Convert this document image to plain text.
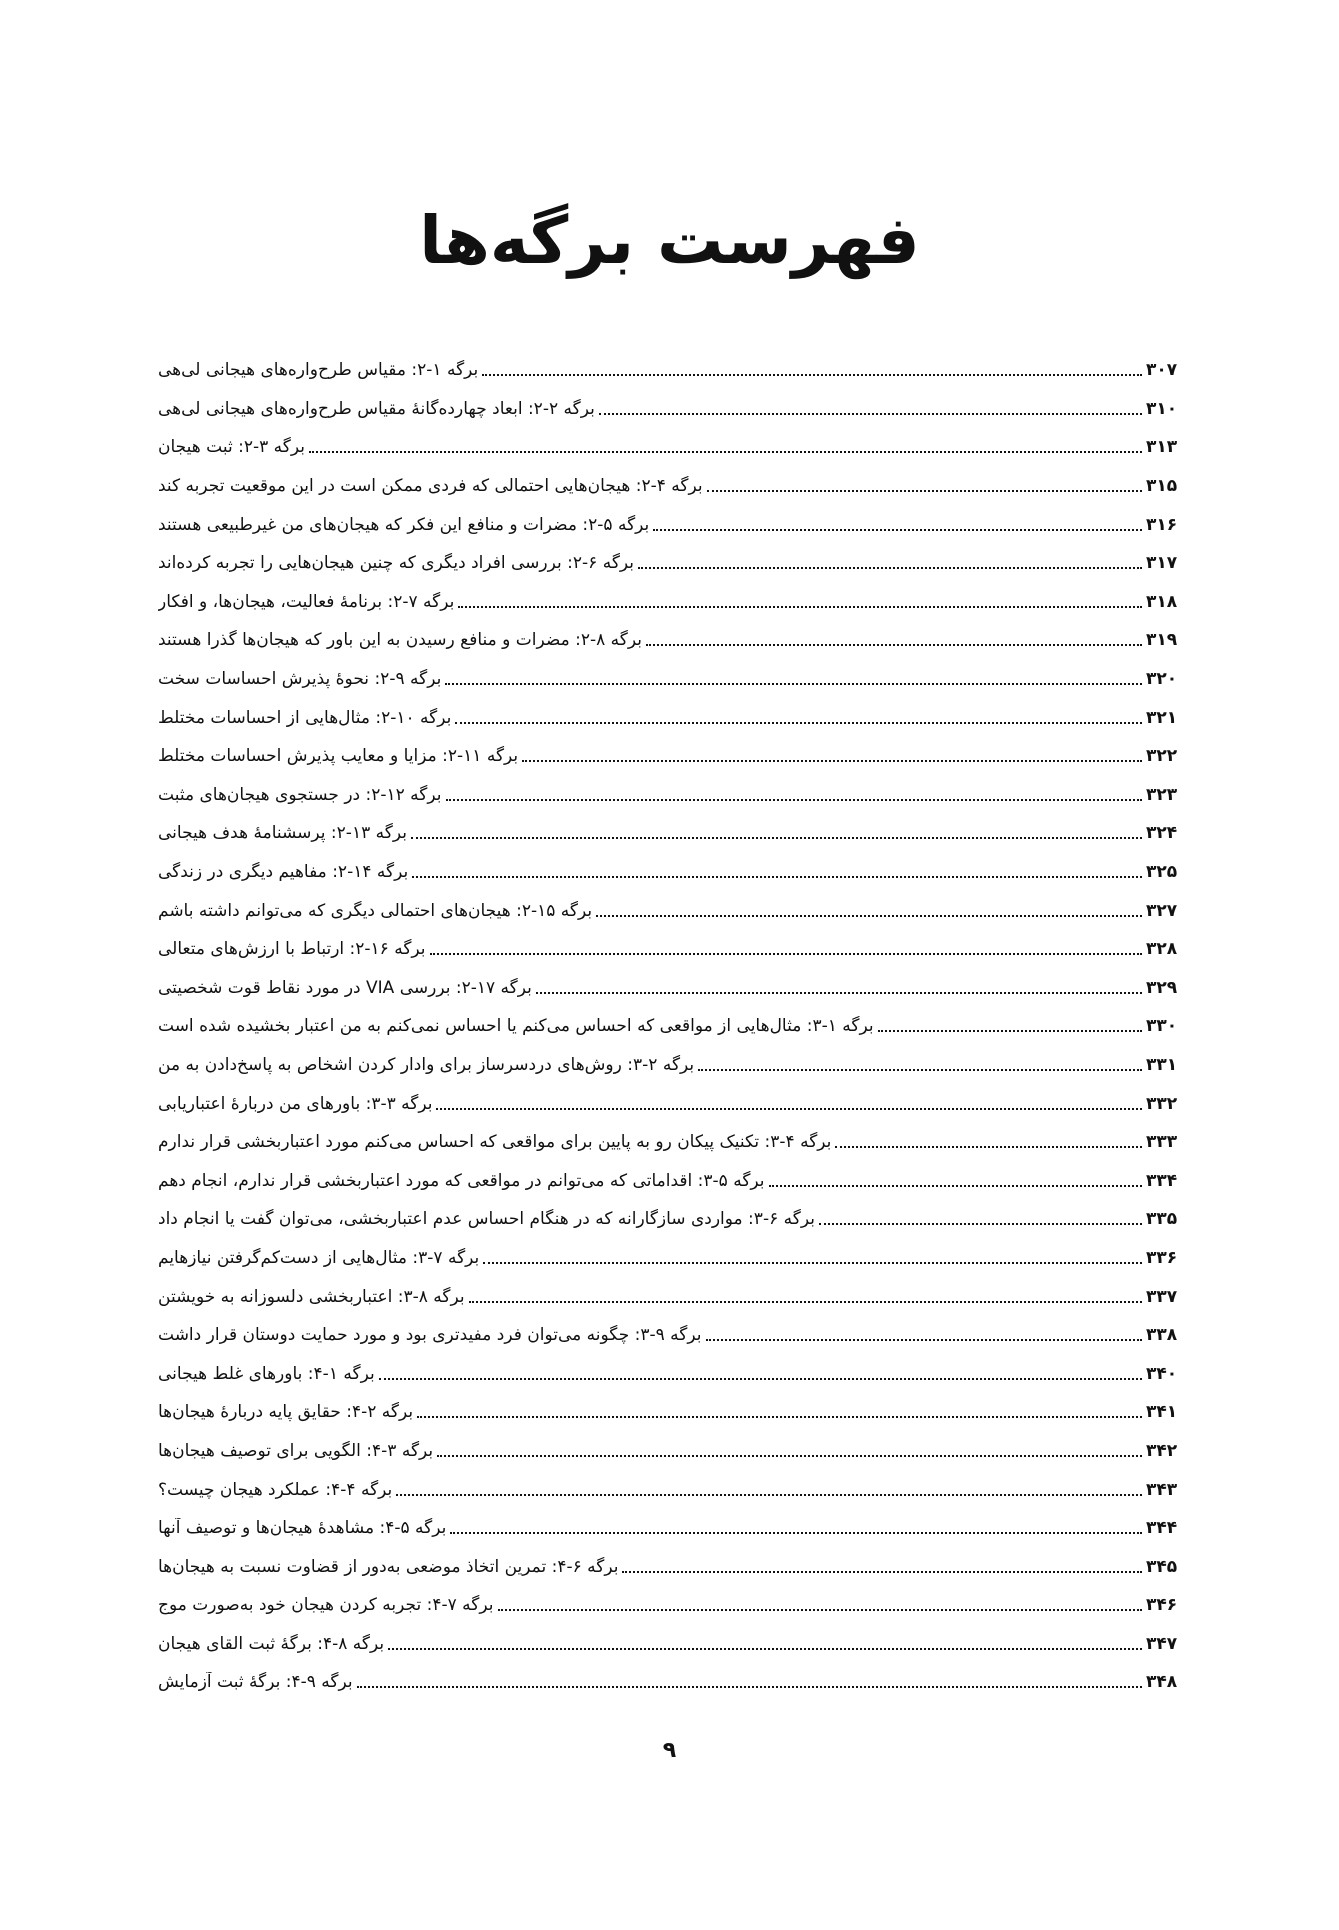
فهرست برگه‌ها
برگه ۱-۲: مقیاس طرح‌واره‌های هیجانی لی‌هی	۳۰۷
برگه ۲-۲: ابعاد چهارده‌گانهٔ مقیاس طرح‌واره‌های هیجانی لی‌هی	۳۱۰
برگه ۳-۲: ثبت هیجان	۳۱۳
برگه ۴-۲: هیجان‌هایی احتمالی که فردی ممکن است در این موقعیت تجربه کند	۳۱۵
برگه ۵-۲: مضرات و منافع این فکر که هیجان‌های من غیرطبیعی هستند	۳۱۶
برگه ۶-۲: بررسی افراد دیگری که چنین هیجان‌هایی را تجربه کرده‌اند	۳۱۷
برگه ۷-۲: برنامهٔ فعالیت، هیجان‌ها، و افکار	۳۱۸
برگه ۸-۲: مضرات و منافع رسیدن به این باور که هیجان‌ها گذرا هستند	۳۱۹
برگه ۹-۲: نحوهٔ پذیرش احساسات سخت	۳۲۰
برگه ۱۰-۲: مثال‌هایی از احساسات مختلط	۳۲۱
برگه ۱۱-۲: مزایا و معایب پذیرش احساسات مختلط	۳۲۲
برگه ۱۲-۲: در جستجوی هیجان‌های مثبت	۳۲۳
برگه ۱۳-۲: پرسشنامهٔ هدف هیجانی	۳۲۴
برگه ۱۴-۲: مفاهیم دیگری در زندگی	۳۲۵
برگه ۱۵-۲: هیجان‌های احتمالی دیگری که می‌توانم داشته باشم	۳۲۷
برگه ۱۶-۲: ارتباط با ارزش‌های متعالی	۳۲۸
برگه ۱۷-۲: بررسی VIA در مورد نقاط قوت شخصیتی	۳۲۹
برگه ۱-۳: مثال‌هایی از مواقعی که احساس می‌کنم یا احساس نمی‌کنم به من اعتبار بخشیده شده است	۳۳۰
برگه ۲-۳: روش‌های دردسرساز برای وادار کردن اشخاص به پاسخ‌دادن به من	۳۳۱
برگه ۳-۳: باورهای من دربارهٔ اعتباریابی	۳۳۲
برگه ۴-۳: تکنیک پیکان رو به پایین برای مواقعی که احساس می‌کنم مورد اعتباربخشی قرار ندارم	۳۳۳
برگه ۵-۳: اقداماتی که می‌توانم در مواقعی که مورد اعتباربخشی قرار ندارم، انجام دهم	۳۳۴
برگه ۶-۳: مواردی سازگارانه که در هنگام احساس عدم اعتباربخشی، می‌توان گفت یا انجام داد	۳۳۵
برگه ۷-۳: مثال‌هایی از دست‌کم‌گرفتن نیازهایم	۳۳۶
برگه ۸-۳: اعتباربخشی دلسوزانه به خویشتن	۳۳۷
برگه ۹-۳: چگونه می‌توان فرد مفیدتری بود و مورد حمایت دوستان قرار داشت	۳۳۸
برگه ۱-۴: باورهای غلط هیجانی	۳۴۰
برگه ۲-۴: حقایق پایه دربارهٔ هیجان‌ها	۳۴۱
برگه ۳-۴: الگویی برای توصیف هیجان‌ها	۳۴۲
برگه ۴-۴: عملکرد هیجان چیست؟	۳۴۳
برگه ۵-۴: مشاهدهٔ هیجان‌ها و توصیف آنها	۳۴۴
برگه ۶-۴: تمرین اتخاذ موضعی به‌دور از قضاوت نسبت به هیجان‌ها	۳۴۵
برگه ۷-۴: تجربه کردن هیجان خود به‌صورت موج	۳۴۶
برگه ۸-۴: برگهٔ ثبت القای هیجان	۳۴۷
برگه ۹-۴: برگهٔ ثبت آزمایش	۳۴۸
۹
